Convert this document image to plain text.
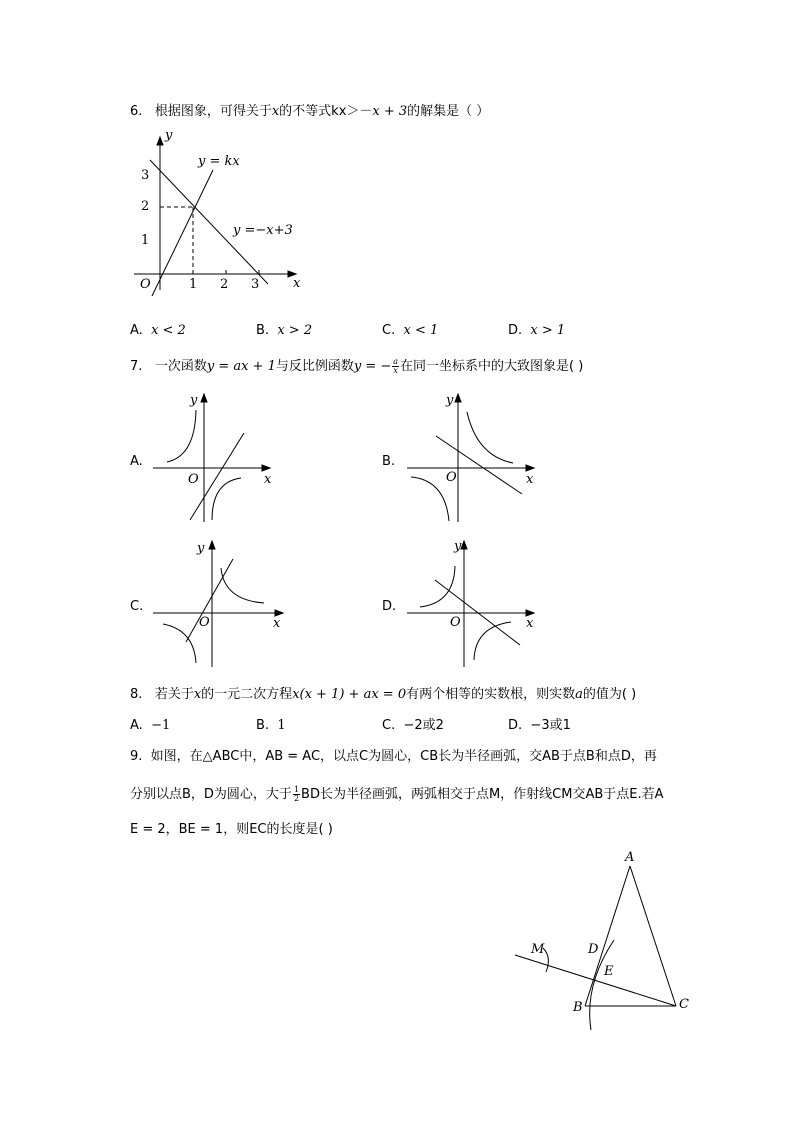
6. 根据图象，可得关于x的不等式kx＞－x + 3的解集是（ ）
y
x
O	1 2 3
1
2
3
y = kx
y =−x+3
A. x < 2	B. x > 2	C. x < 1	D. x > 1
7. 一次函数y = ax + 1与反比例函数y = − $\frac{a}{x}$ 在同一坐标系中的大致图象是( )
A.
y
x
O
B.
y
x
O
C.
y
x
O
D.
y
x
O
8. 若关于x的一元二次方程x(x + 1) + ax = 0有两个相等的实数根，则实数a的值为( )
A. −1	B. 1	C. −2或2	D. −3或1
9. 如图，在△ABC中，AB = AC，以点C为圆心，CB长为半径画弧，交AB于点B和点D，再
分别以点B，D为圆心，大于 $\frac{1}{2}$ BD长为半径画弧，两弧相交于点M，作射线CM交AB于点E.若A
E = 2，BE = 1，则EC的长度是( )
A
B	C
D
E
M
